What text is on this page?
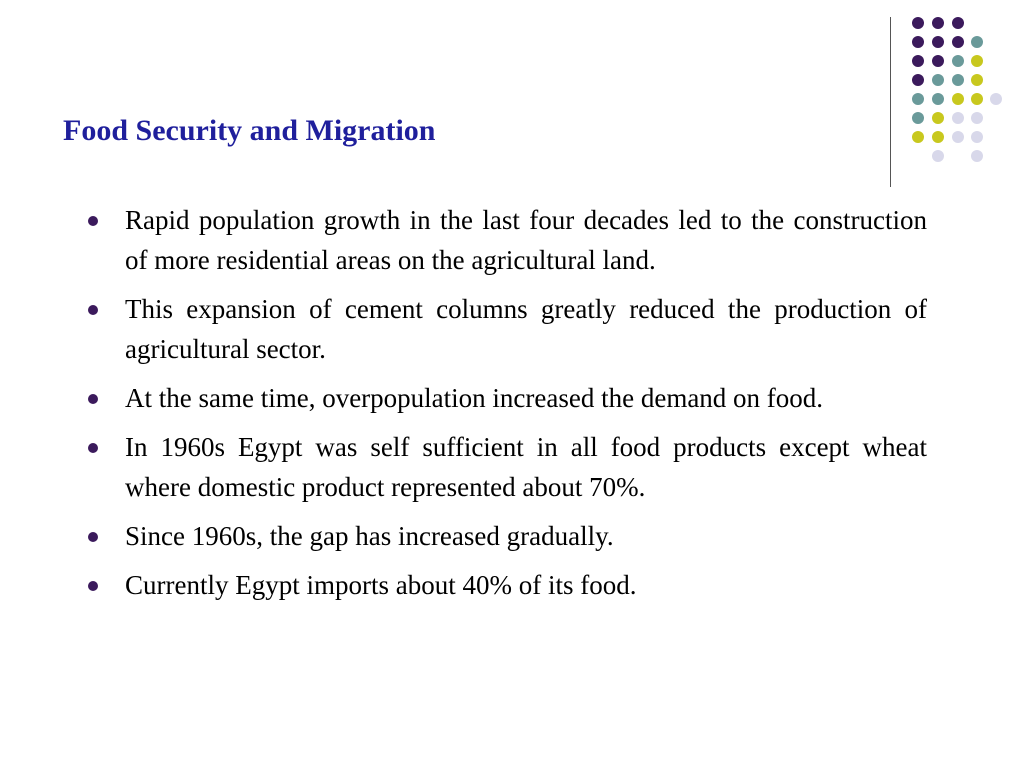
Food Security and Migration
Rapid population growth in the last four decades led to the construction of more residential areas on the agricultural land.
This expansion of cement columns greatly reduced the production of agricultural sector.
At the same time, overpopulation increased the demand on food.
In 1960s Egypt was self sufficient in all food products except wheat where domestic product represented about 70%.
Since 1960s, the gap has increased gradually.
Currently Egypt imports about 40% of its food.
